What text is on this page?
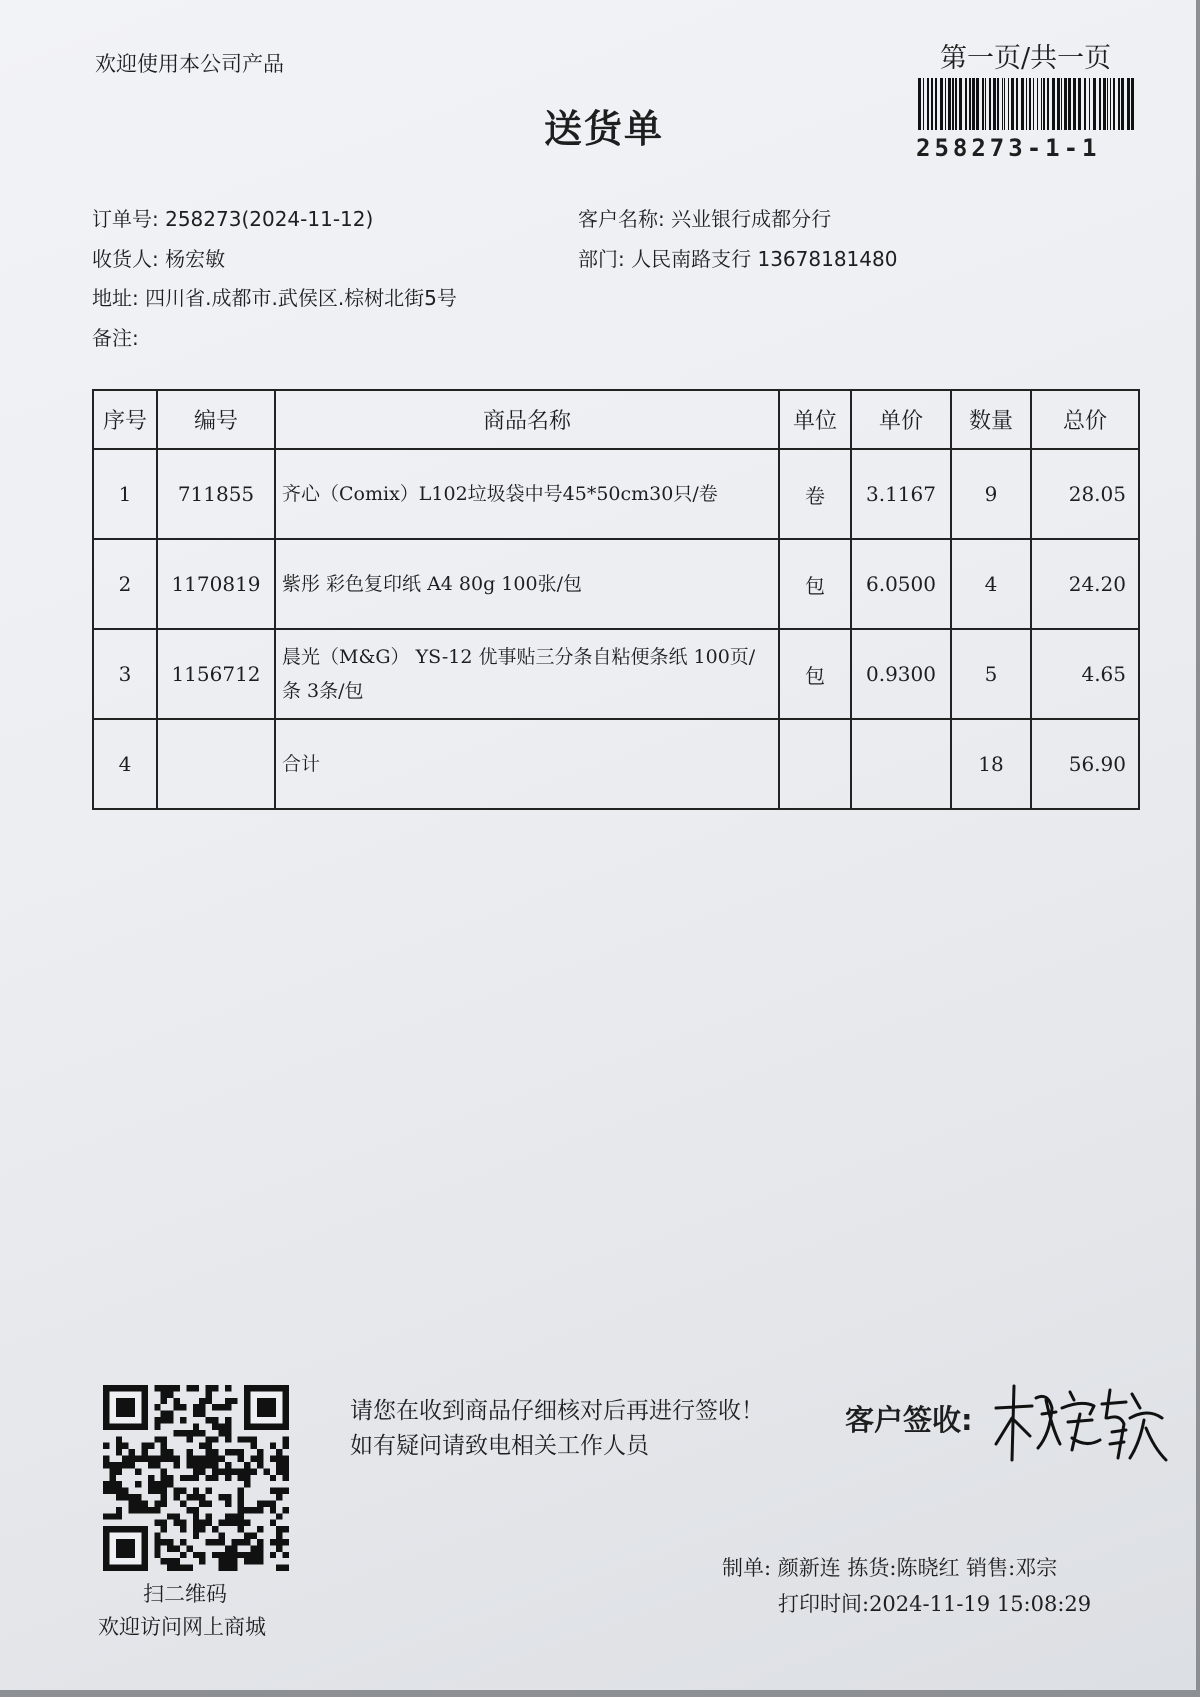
欢迎使用本公司产品	第一页/共一页
258273-1-1
送货单
订单号: 258273(2024-11-12)
收货人: 杨宏敏
地址: 四川省.成都市.武侯区.棕树北街5号
备注:
客户名称: 兴业银行成都分行
部门: 人民南路支行 13678181480
序号	编号	商品名称	单位	单价	数量	总价
1	711855	齐心（Comix）L102垃圾袋中号45*50cm30只/卷	卷	3.1167	9	28.05
2	1170819	紫彤 彩色复印纸 A4 80g 100张/包	包	6.0500	4	24.20
3	1156712	晨光（M&G） YS-12 优事贴三分条自粘便条纸 100页/条 3条/包	包	0.9300	5	4.65
4		合计			18	56.90
扫二维码
欢迎访问网上商城
请您在收到商品仔细核对后再进行签收！如有疑问请致电相关工作人员
客户签收:
制单: 颜新连 拣货:陈晓红 销售:邓宗
打印时间:2024-11-19 15:08:29
